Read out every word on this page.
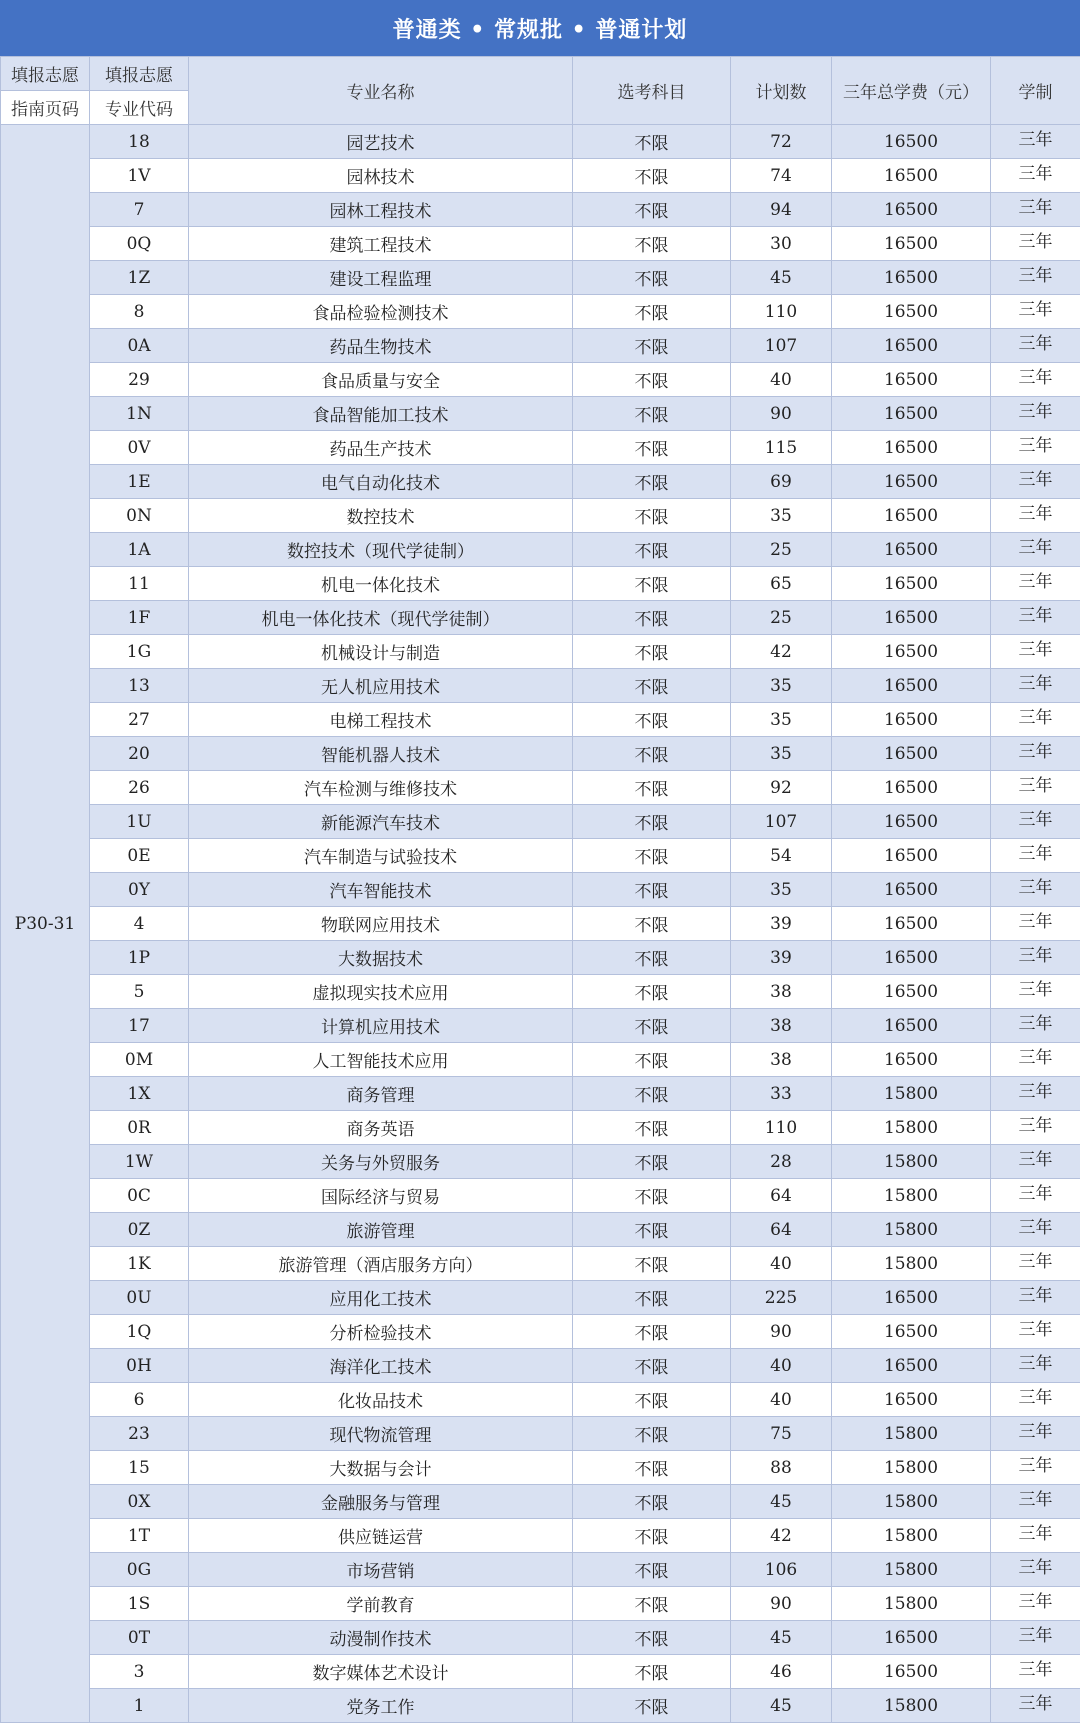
普通类 • 常规批 • 普通计划
填报志愿	填报志愿	专业名称	选考科目	计划数	三年总学费（元）	学制
指南页码	专业代码					
P30-31	18	园艺技术	不限	72	16500	三年
	1V	园林技术	不限	74	16500	三年
	7	园林工程技术	不限	94	16500	三年
	0Q	建筑工程技术	不限	30	16500	三年
	1Z	建设工程监理	不限	45	16500	三年
	8	食品检验检测技术	不限	110	16500	三年
	0A	药品生物技术	不限	107	16500	三年
	29	食品质量与安全	不限	40	16500	三年
	1N	食品智能加工技术	不限	90	16500	三年
	0V	药品生产技术	不限	115	16500	三年
	1E	电气自动化技术	不限	69	16500	三年
	0N	数控技术	不限	35	16500	三年
	1A	数控技术（现代学徒制）	不限	25	16500	三年
	11	机电一体化技术	不限	65	16500	三年
	1F	机电一体化技术（现代学徒制）	不限	25	16500	三年
	1G	机械设计与制造	不限	42	16500	三年
	13	无人机应用技术	不限	35	16500	三年
	27	电梯工程技术	不限	35	16500	三年
	20	智能机器人技术	不限	35	16500	三年
	26	汽车检测与维修技术	不限	92	16500	三年
	1U	新能源汽车技术	不限	107	16500	三年
	0E	汽车制造与试验技术	不限	54	16500	三年
	0Y	汽车智能技术	不限	35	16500	三年
	4	物联网应用技术	不限	39	16500	三年
	1P	大数据技术	不限	39	16500	三年
	5	虚拟现实技术应用	不限	38	16500	三年
	17	计算机应用技术	不限	38	16500	三年
	0M	人工智能技术应用	不限	38	16500	三年
	1X	商务管理	不限	33	15800	三年
	0R	商务英语	不限	110	15800	三年
	1W	关务与外贸服务	不限	28	15800	三年
	0C	国际经济与贸易	不限	64	15800	三年
	0Z	旅游管理	不限	64	15800	三年
	1K	旅游管理（酒店服务方向）	不限	40	15800	三年
	0U	应用化工技术	不限	225	16500	三年
	1Q	分析检验技术	不限	90	16500	三年
	0H	海洋化工技术	不限	40	16500	三年
	6	化妆品技术	不限	40	16500	三年
	23	现代物流管理	不限	75	15800	三年
	15	大数据与会计	不限	88	15800	三年
	0X	金融服务与管理	不限	45	15800	三年
	1T	供应链运营	不限	42	15800	三年
	0G	市场营销	不限	106	15800	三年
	1S	学前教育	不限	90	15800	三年
	0T	动漫制作技术	不限	45	16500	三年
	3	数字媒体艺术设计	不限	46	16500	三年
	1	党务工作	不限	45	15800	三年
